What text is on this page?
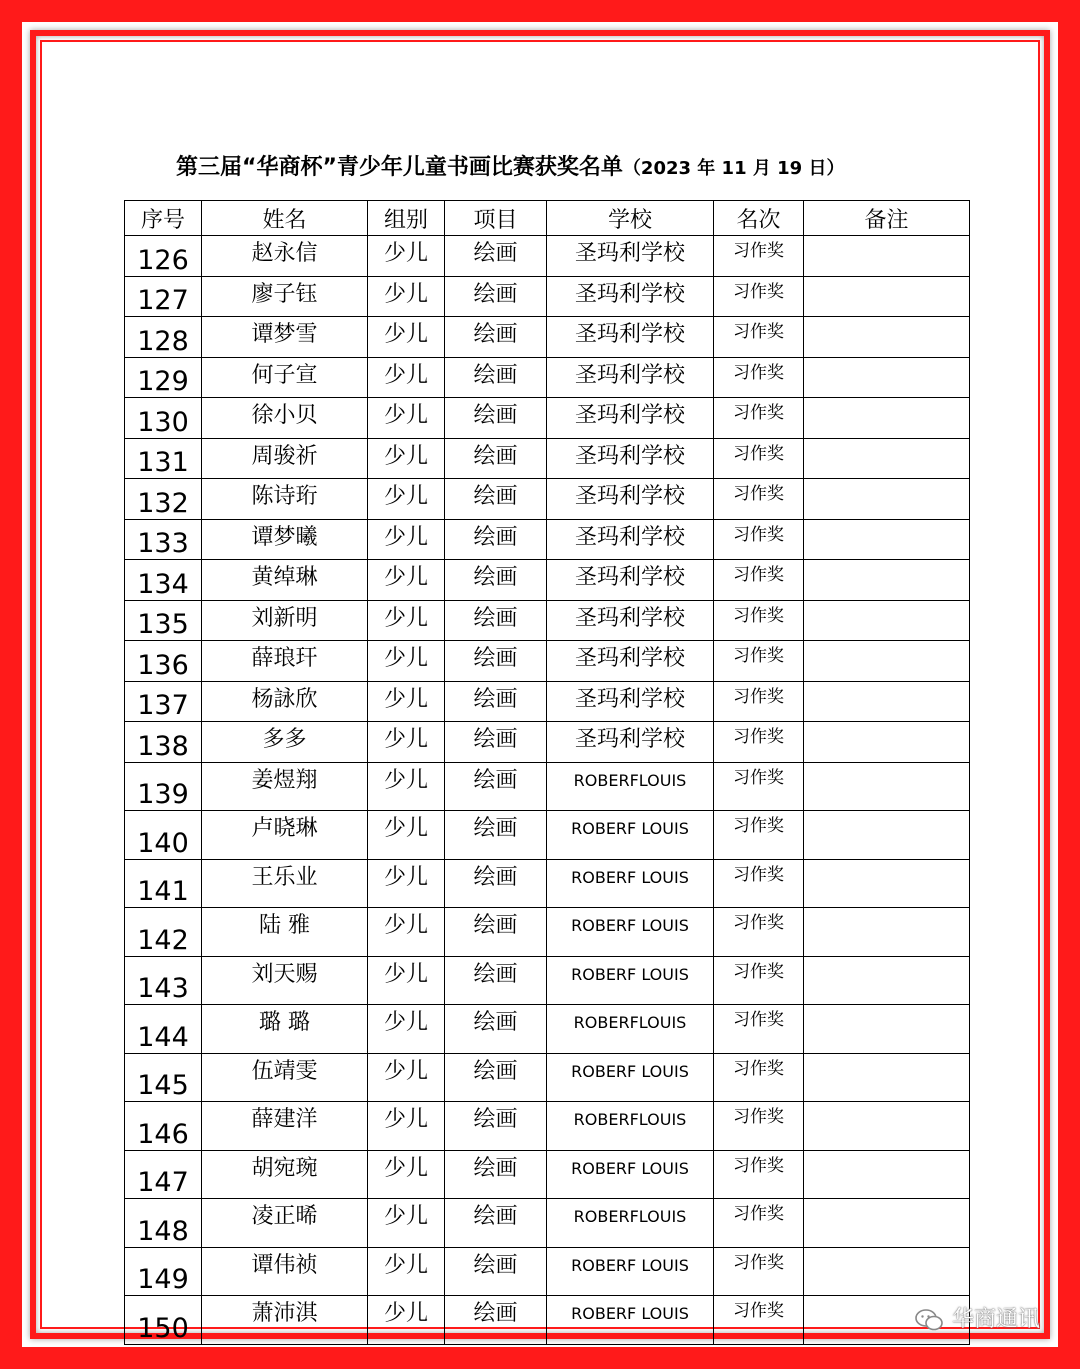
第三届“华商杯”青少年儿童书画比赛获奖名单（2023 年 11 月 19 日）
序号	姓名	组别	项目	学校	名次	备注
126	赵永信	少儿	绘画	圣玛利学校	习作奖	
127	廖子钰	少儿	绘画	圣玛利学校	习作奖	
128	谭梦雪	少儿	绘画	圣玛利学校	习作奖	
129	何子宣	少儿	绘画	圣玛利学校	习作奖	
130	徐小贝	少儿	绘画	圣玛利学校	习作奖	
131	周骏祈	少儿	绘画	圣玛利学校	习作奖	
132	陈诗珩	少儿	绘画	圣玛利学校	习作奖	
133	谭梦曦	少儿	绘画	圣玛利学校	习作奖	
134	黄绰琳	少儿	绘画	圣玛利学校	习作奖	
135	刘新明	少儿	绘画	圣玛利学校	习作奖	
136	薛琅玕	少儿	绘画	圣玛利学校	习作奖	
137	杨詠欣	少儿	绘画	圣玛利学校	习作奖	
138	多多	少儿	绘画	圣玛利学校	习作奖	
139	姜煜翔	少儿	绘画	ROBERFLOUIS	习作奖	
140	卢晓琳	少儿	绘画	ROBERF LOUIS	习作奖	
141	王乐业	少儿	绘画	ROBERF LOUIS	习作奖	
142	陆 雅	少儿	绘画	ROBERF LOUIS	习作奖	
143	刘天赐	少儿	绘画	ROBERF LOUIS	习作奖	
144	璐 璐	少儿	绘画	ROBERFLOUIS	习作奖	
145	伍靖雯	少儿	绘画	ROBERF LOUIS	习作奖	
146	薛建洋	少儿	绘画	ROBERFLOUIS	习作奖	
147	胡宛琬	少儿	绘画	ROBERF LOUIS	习作奖	
148	凌正晞	少儿	绘画	ROBERFLOUIS	习作奖	
149	谭伟祯	少儿	绘画	ROBERF LOUIS	习作奖	
150	萧沛淇	少儿	绘画	ROBERF LOUIS	习作奖		华商通讯
